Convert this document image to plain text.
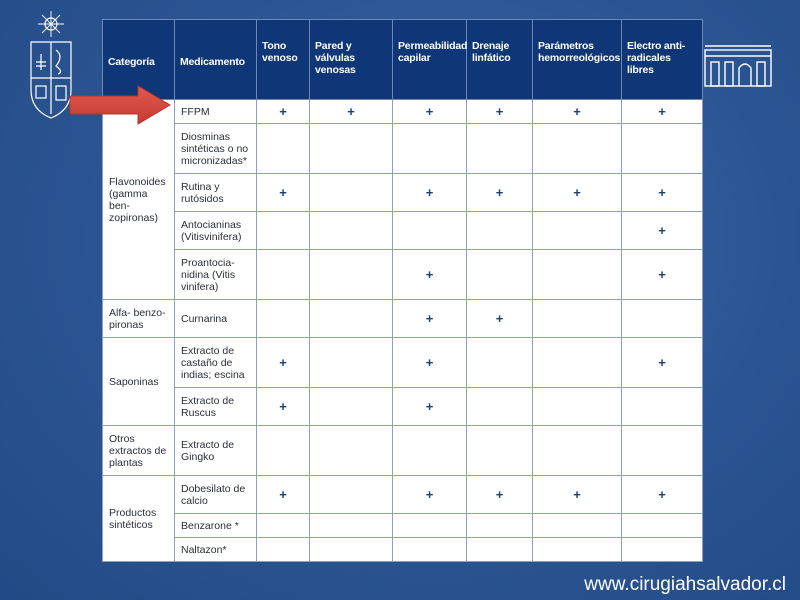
Categoría	Medicamento	Tono venoso	Pared y válvulas venosas	Permeabilidad capilar	Drenaje linfático	Parámetros hemorreológicos	Electro anti-radicales libres
Flavonoides (gamma ben-zopironas)	FFPM	+	+	+	+	+	+
	Diosminas sintéticas o no micronizadas*						
	Rutina y rutósidos	+		+	+	+	+
	Antocianinas (Vitisvinifera)						+
	Proantocia-nidina (Vitis vinifera)			+			+
Alfa- benzo-pironas	Curnarina			+	+		
Saponinas	Extracto de castaño de indias; escina	+		+			+
	Extracto de Ruscus	+		+			
Otros extractos de plantas	Extracto de Gingko						
Productos sintéticos	Dobesilato de calcio	+		+	+	+	+
	Benzarone *						
	Naltazon*						
www.cirugiahsalvador.cl
